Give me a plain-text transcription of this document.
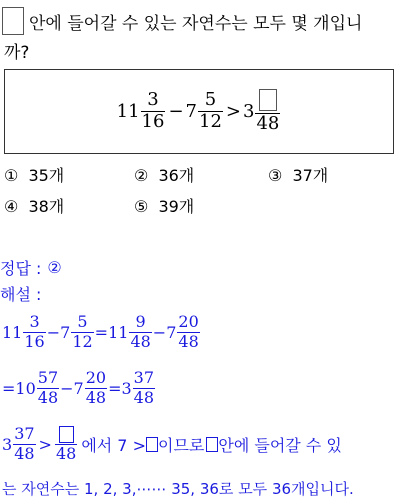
안에 들어갈 수 있는 자연수는 모두 몇 개입니
까?
$11 \frac{3}{16} - 7 \frac{5}{12} > 3$
48
① 35개	② 36개	③ 37개
④ 38개	⑤ 39개
정답 : ②
해설 :
$11 \frac{3}{16} - 7 \frac{5}{12} = 11 \frac{9}{48} - 7 \frac{20}{48}$
= $10 \frac{57}{48} - 7 \frac{20}{48} = 3 \frac{37}{48}$
$3 \frac{37}{48} > 48$ 에서 7 > 이므로 안에 들어갈 수 있
는 자연수는 1, 2, 3,⋯⋯ 35, 36로 모두 36개입니다.
